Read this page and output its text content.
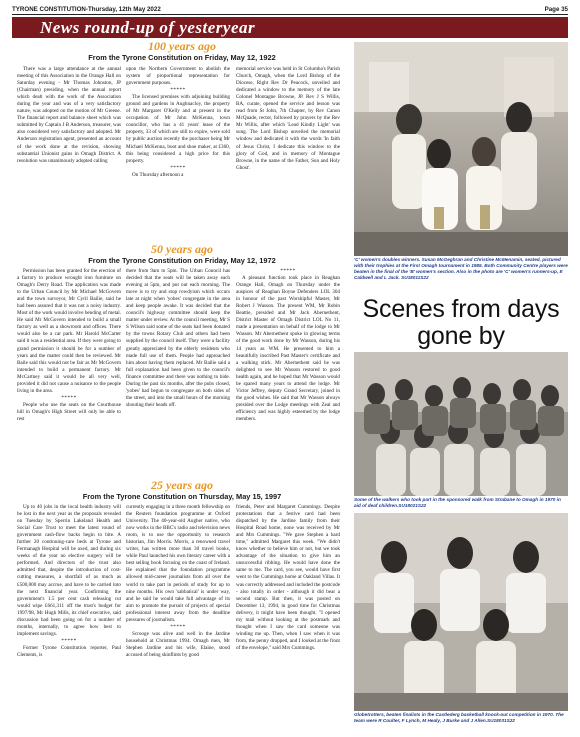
TYRONE CONSTITUTION-Thursday, 12th May 2022	Page 35
News round-up of yesteryear
100 years ago
From the Tyrone Constitution on Friday, May 12, 1922

There was a large attendance at the annual meeting of this Association in the Orange Hall on Saturday evening - Mr Thomas Johnston, JP (Chairman) presiding, when the annual report which dealt with the work of the Association during the year and was of a very satisfactory nature, was adopted on the motion of Mr Greene. The financial report and balance sheet which was submitted by Captain J B Anderson, treasurer, was also considered very satisfactory and adopted. Mr Anderson registration agent, presented an account of the work done at the revision, showing substantial Unionist gains in Omagh District. A resolution was unanimously adopted calling

upon the Northern Government to abolish the system of proportional representation for government purposes.

*****

The licensed premises with adjoining building ground and gardens in Aughnacloy, the property of Mr Margaret O'Kelly and at present in the occupation of Mr John McKenna, town councillor, who has a 41 years' lease of the property, 33 of which are still to expire, were sold by public auction recently the purchaser being Mr Michael McKenna, boot and shoe maker, at £360, this being considered a high price for this property.

*****

On Thursday afternoon a

memorial service was held in St Columba's Parish Church, Omagh, when the Lord Bishop of the Diocese, Right Rev Dr Peacock, unveiled and dedicated a window to the memory of the late Colonel Montagne Browne, JP. Rev J S Willis, BA, curate, opened the service and lesson was read from St John, 7th Chapter, by Rev Canon McQuade, rector, followed by prayers by the Rev Mr Willis, after which 'Lead Kindly Light' was sung. The Lord Bishop unveiled the memorial window and dedicated it with the words 'In faith of Jesus Christ, I dedicate this window to the glory of God, and in memory of Montague Browne, in the name of the Father, Son and Holy Ghost'.

50 years ago
From the Tyrone Constitution on Friday, May 12, 1972

Permission has been granted for the erection of a factory to produce wrought iron furniture on Omagh's Derry Road. The application was made to the Urban Council by Mr Michael McGovern and the town surveyor, Mr Cyril Bailie, said he had been assured that it was not a noisy industry. Most of the work would involve bending of metal. He said Mr McGovern intended to build a small factory as well as a showroom and offices. There would also be a car park. Mr Harold McCarter said it was a residential area. If they were going to grand permission it should be for a number of years and the matter could then be reviewed. Mr Baile said this would not be fair as Mr McGovern intended to build a permanent factory. Mr McCartney said it would be all very well, provided it did not cause a nuisance to the people living in the area.

*****

People who use the seats on the Courthouse hill in Omagh's High Street will only be able to rest

there from 9am to 5pm. The Urban Council has decided that the seats will be taken away each evening at 5pm, and put out each morning. The move is to try and stop rowdyism which occurs late at night when 'yobes' congregate in the area and keep people awake. It was decided that the council's highway committee should keep the matter under review. At the council meeting, Mr S S Wilson said some of the seats had been donated by the towns Rotary Club and others had been supplied by the council itself. They were a facility greatly appreciated by the elderly residents who made full use of them. People had approached him about having them replaced. Mr Bailie said a full explanation had been given to the council's finance committee and there was nothing to hide. During the past six months, after the pubs closed, 'yobes' had begun to congregate on both sides of the street, and into the small hours of the morning shouting their heads off.

*****

A pleasant function took place in Reaghan Orange Hall, Omagh on Thursday under the auspices of Reaghan Boyne Defenders LOL 304 in honour of the past Worshipful Master, Mr Robert J Wasson. The present WM, Mr Robin Beattie, presided and Mr Jack Abernethent, District Master of Omagh District LOL No 11, made a presentation on behalf of the lodge to Mr Wasson. Mr Abernethent spoke in glowing terms of the good work done by Mr Wasson, during his 14 years as WM. He presented to him a beautifully inscribed Past Master's certificate and a walking stick. Mr Abernethent said he was delighted to see Mr Wasson restored to good health again, and he hoped that Mr Wasson would be spared many years to attend the lodge. Mr Victor Jeffrey, deputy Grand Secretary, joined in the good wishes. He said that Mr Wasson always presided over the Lodge meetings with Zeal and efficiency and was highly esteemed by the lodge members.

25 years ago
From the Tyrone Constitution on Thursday, May 15, 1997

Up to 40 jobs in the local health industry will be lost in the next year as the proposals revealed on Tuesday by Sperrin Lakeland Health and Social Care Trust to meet the latest round of government cash-flow backs begin to bite. A further 20 continuing-care beds at Tyrone and Fermanagh Hospital will be axed, and during six weeks of the year no elective surgery will be performed. And directors of the trust also admitted that, despite the introduction of cost-cutting measures, a shortfall of as much as £500,000 may accrue, and have to be carried into the next financial year. Confirming the government's 1.5 per cent cash releasing cut would wipe £661,311 off the trust's budget for 1997/98, Mr Hugh Mills, its chief executive, said discussion had been going on for a number of months, internally, to agree how best to implement savings.

*****

Former Tyrone Constitution reporter, Paul Clements, is

currently engaging in a three month fellowship on the Reuters foundation programme at Oxford University. The 40-year-old Augher native, who now works in the BBC's radio and television news room, is to use the opportunity to research historian, Jim Morris. Morris, a renowned travel writer, has written more than 30 travel books, while Paul launched his own literary career with a best selling book focusing on the coast of Ireland. He explained that the foundation programme allowed mid-career journalists from all over the world to take part in periods of study for up to nine months. His own 'sabbatical' is under way, and he said he would take full advantage of its aim to promote the pursuit of projects of special professional interest away from the deadline pressures of journalism.

*****

Scrooge was alive and well in the Jardine household at Christmas 1994. Omagh men, Mr Stephen Jardine and his wife, Elaine, stood accused of being skinflints by good

friends, Peter and Margaret Cummings. Despite protestations that a festive card had been dispatched by the Jardine family from their Hospital Road home, none was received by Mr and Mrs Cummings. "We gave Stephen a hard time," admitted Margaret this week. "We didn't know whether to believe him or not, but we took advantage of the situation to give him an unsuccessful ribbing. He would have done the same to me. The card, you see, would have first went to the Cummings home at Oakland Villas. It was correctly addressed and included the postcode - also totally in order - although it did bear a second stamp. But then, it was posted on December 13, 1994, in good time for Christmas delivery, it might have been thought. "I opened my mail without looking at the postmark and thought when I saw the card someone was winding me up. Then, when I saw when it was from, the penny dropped, and I looked at the front of the envelope," said Mrs Cummings.

'C' women's doubles winners. Susan McGeghran and Christine McMenamin, seated, pictured with their trophies at the First Omagh tournament in 1985. Both Community Centre players were beaten in the final of the 'B' women's section. Also in the photo are 'C' women's runners-up, E Caldwell and L Jack. SU18011S22
Scenes from days gone by
Some of the walkers who took part in the sponsored walk from Strabane to Omagh in 1970 in aid of deaf children.SU18021S22
Globetrotters, beaten finalists in the Castlederg basketball knock-out competition in 1970. The team were R Coulter, F Lynch, M Healy, J Burke and J Allen.SU18031S22
